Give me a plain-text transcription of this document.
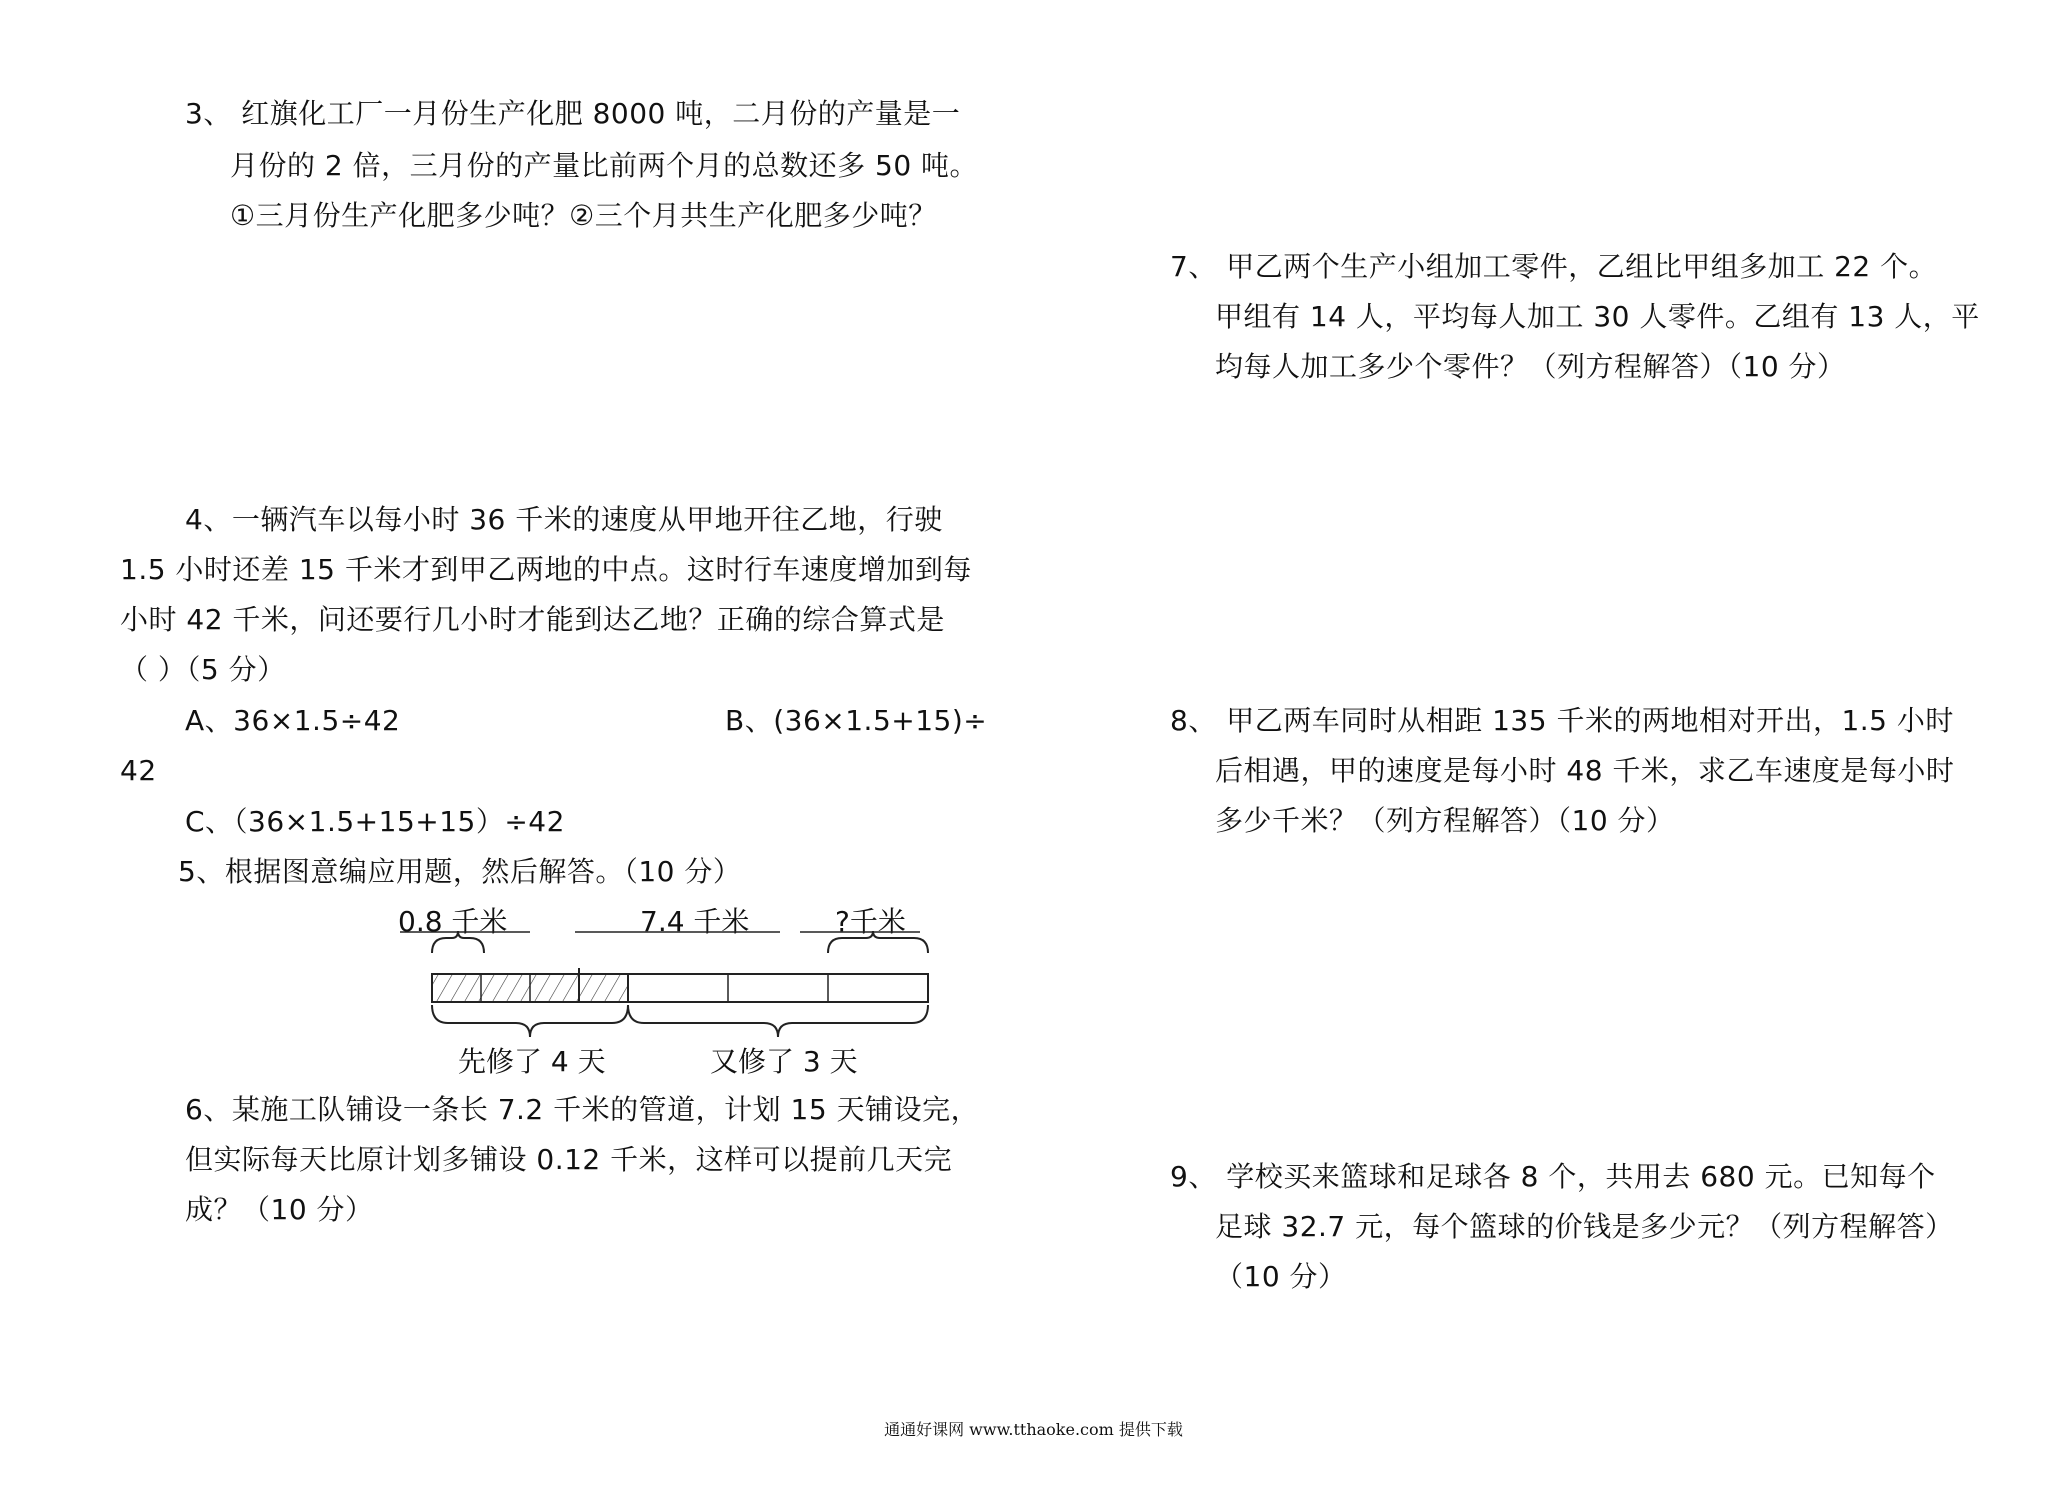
3、 红旗化工厂一月份生产化肥 8000 吨，二月份的产量是一
月份的 2 倍，三月份的产量比前两个月的总数还多 50 吨。
①三月份生产化肥多少吨？②三个月共生产化肥多少吨？
4、一辆汽车以每小时 36 千米的速度从甲地开往乙地，行驶
1.5 小时还差 15 千米才到甲乙两地的中点。这时行车速度增加到每
小时 42 千米，问还要行几小时才能到达乙地？正确的综合算式是
（ ）（5 分）
A、36×1.5÷42	B、(36×1.5+15)÷
42
C、（36×1.5+15+15）÷42
5、根据图意编应用题，然后解答。（10 分）
0.8 千米	7.4 千米	?千米
先修了 4 天	又修了 3 天
6、某施工队铺设一条长 7.2 千米的管道，计划 15 天铺设完，
但实际每天比原计划多铺设 0.12 千米，这样可以提前几天完
成？（10 分）
7、 甲乙两个生产小组加工零件，乙组比甲组多加工 22 个。
甲组有 14 人，平均每人加工 30 人零件。乙组有 13 人，平
均每人加工多少个零件？（列方程解答）（10 分）
8、 甲乙两车同时从相距 135 千米的两地相对开出，1.5 小时
后相遇，甲的速度是每小时 48 千米，求乙车速度是每小时
多少千米？（列方程解答）（10 分）
9、 学校买来篮球和足球各 8 个，共用去 680 元。已知每个
足球 32.7 元，每个篮球的价钱是多少元？（列方程解答）
（10 分）
通通好课网 www.tthaoke.com 提供下载
